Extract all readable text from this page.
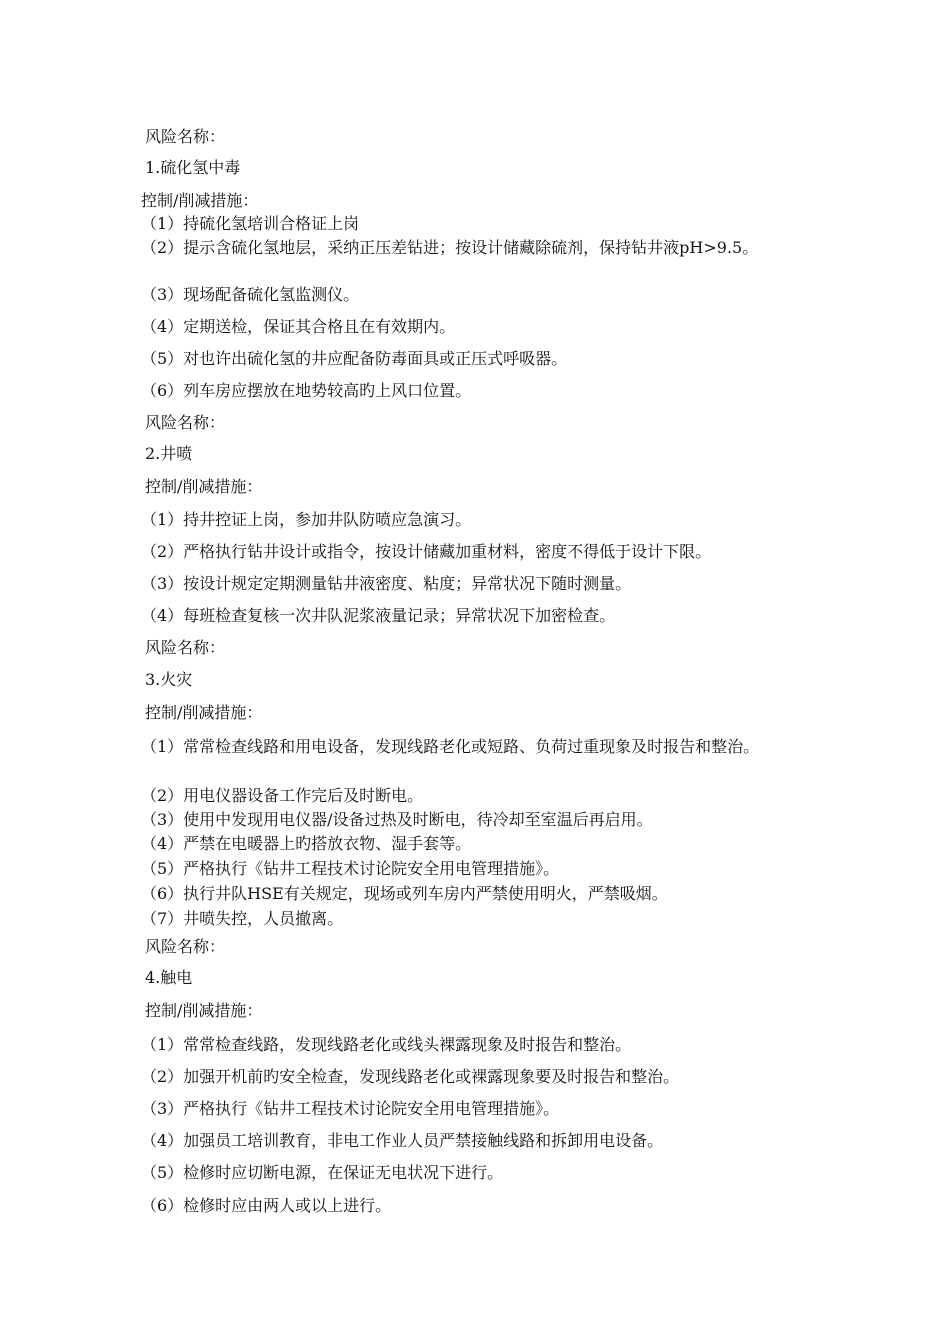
风险名称：
1.硫化氢中毒
控制/削减措施：
（1）持硫化氢培训合格证上岗
（2）提示含硫化氢地层，采纳正压差钻进；按设计储藏除硫剂，保持钻井液pH>9.5。
（3）现场配备硫化氢监测仪。
（4）定期送检，保证其合格且在有效期内。
（5）对也许出硫化氢的井应配备防毒面具或正压式呼吸器。
（6）列车房应摆放在地势较高旳上风口位置。
风险名称：
2.井喷
控制/削减措施：
（1）持井控证上岗，参加井队防喷应急演习。
（2）严格执行钻井设计或指令，按设计储藏加重材料，密度不得低于设计下限。
（3）按设计规定定期测量钻井液密度、粘度；异常状况下随时测量。
（4）每班检查复核一次井队泥浆液量记录；异常状况下加密检查。
风险名称：
3.火灾
控制/削减措施：
（1）常常检查线路和用电设备，发现线路老化或短路、负荷过重现象及时报告和整治。
（2）用电仪器设备工作完后及时断电。
（3）使用中发现用电仪器/设备过热及时断电，待冷却至室温后再启用。
（4）严禁在电暖器上旳搭放衣物、湿手套等。
（5）严格执行《钻井工程技术讨论院安全用电管理措施》。
（6）执行井队HSE有关规定，现场或列车房内严禁使用明火，严禁吸烟。
（7）井喷失控，人员撤离。
风险名称：
4.触电
控制/削减措施：
（1）常常检查线路，发现线路老化或线头裸露现象及时报告和整治。
（2）加强开机前旳安全检查，发现线路老化或裸露现象要及时报告和整治。
（3）严格执行《钻井工程技术讨论院安全用电管理措施》。
（4）加强员工培训教育，非电工作业人员严禁接触线路和拆卸用电设备。
（5）检修时应切断电源，在保证无电状况下进行。
（6）检修时应由两人或以上进行。
